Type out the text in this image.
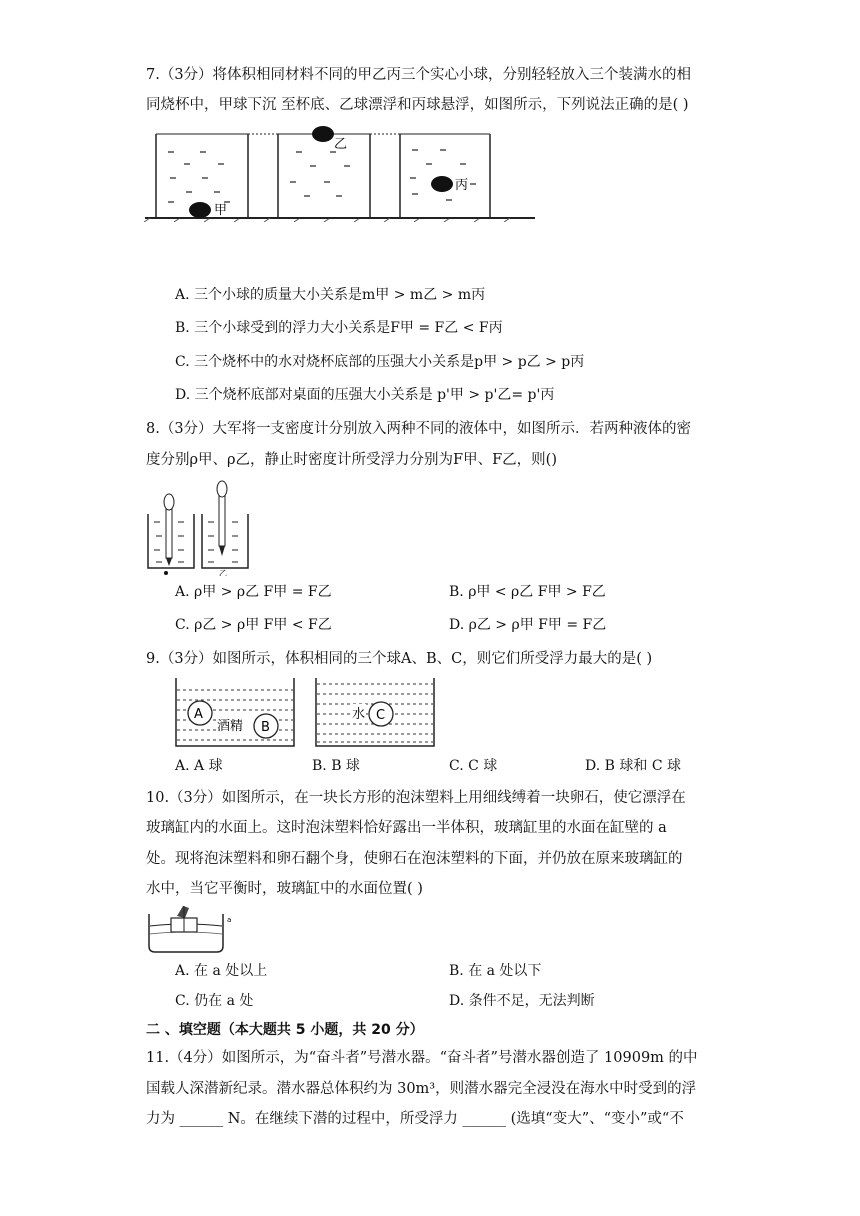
7.（3分）将体积相同材料不同的甲乙丙三个实心小球，分别轻轻放入三个装满水的相
同烧杯中，甲球下沉 至杯底、乙球漂浮和丙球悬浮，如图所示，下列说法正确的是( )
甲
乙
丙
A. 三个小球的质量大小关系是m甲 > m乙 > m丙
B. 三个小球受到的浮力大小关系是F甲 = F乙 < F丙
C. 三个烧杯中的水对烧杯底部的压强大小关系是p甲 > p乙 > p丙
D. 三个烧杯底部对桌面的压强大小关系是 p'甲 > p'乙= p'丙
8.（3分）大军将一支密度计分别放入两种不同的液体中，如图所示．若两种液体的密
度分别ρ甲、ρ乙，静止时密度计所受浮力分别为F甲、F乙，则()
乙
A. ρ甲 > ρ乙 F甲 = F乙	B. ρ甲 < ρ乙 F甲 > F乙
C. ρ乙 > ρ甲 F甲 < F乙	D. ρ乙 > ρ甲 F甲 = F乙
9.（3分）如图所示，体积相同的三个球A、B、C，则它们所受浮力最大的是( )
A
酒精 B
水 C
A. A 球	B. B 球	C. C 球	D. B 球和 C 球
10.（3分）如图所示，在一块长方形的泡沫塑料上用细线缚着一块卵石，使它漂浮在
玻璃缸内的水面上。这时泡沫塑料恰好露出一半体积，玻璃缸里的水面在缸壁的 a
处。现将泡沫塑料和卵石翻个身，使卵石在泡沫塑料的下面，并仍放在原来玻璃缸的
水中，当它平衡时，玻璃缸中的水面位置( )
a
A. 在 a 处以上	B. 在 a 处以下
C. 仍在 a 处	D. 条件不足，无法判断
二 、填空题（本大题共 5 小题，共 20 分）
11.（4分）如图所示，为“奋斗者”号潜水器。“奋斗者”号潜水器创造了 10909m 的中
国载人深潜新纪录。潜水器总体积约为 30m³，则潜水器完全浸没在海水中时受到的浮
力为 ______ N。在继续下潜的过程中，所受浮力 ______ (选填“变大”、“变小”或“不
